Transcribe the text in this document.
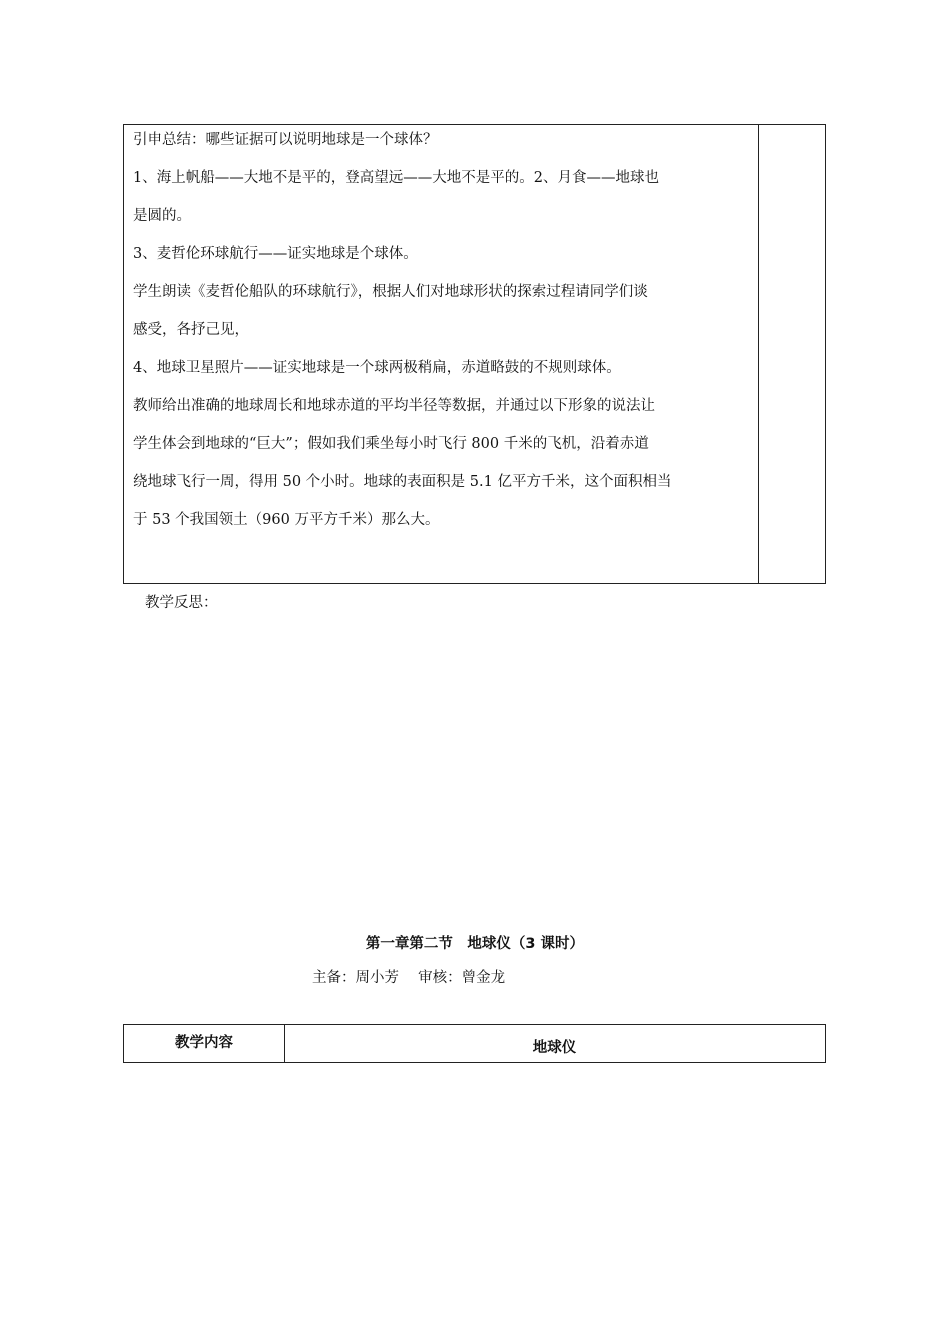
引申总结：哪些证据可以说明地球是一个球体？

1、海上帆船——大地不是平的，登高望远——大地不是平的。2、月食——地球也

是圆的。

3、麦哲伦环球航行——证实地球是个球体。

学生朗读《麦哲伦船队的环球航行》，根据人们对地球形状的探索过程请同学们谈

感受，各抒己见，

4、地球卫星照片——证实地球是一个球两极稍扁，赤道略鼓的不规则球体。

教师给出准确的地球周长和地球赤道的平均半径等数据，并通过以下形象的说法让

学生体会到地球的“巨大”；假如我们乘坐每小时飞行 800 千米的飞机，沿着赤道

绕地球飞行一周，得用 50 个小时。地球的表面积是 5.1 亿平方千米，这个面积相当

于 53 个我国领土（960 万平方千米）那么大。

教学反思：
第一章第二节　地球仪（3 课时）
主备：周小芳　 审核：曾金龙
教学内容	地球仪
